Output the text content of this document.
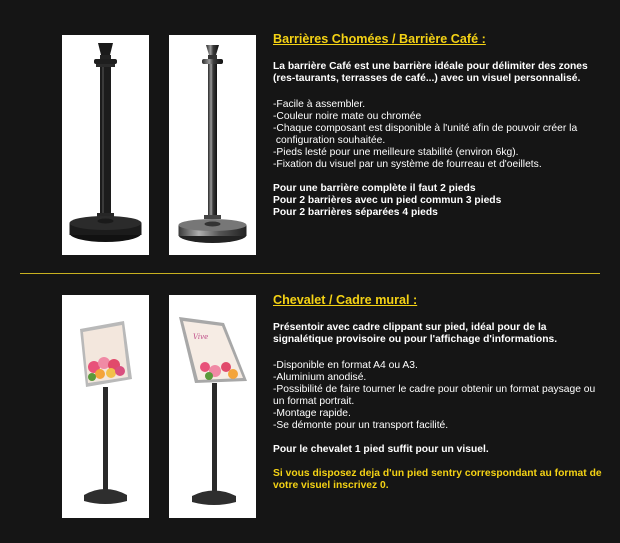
Barrières Chomées / Barrière Café :

La barrière Café est une barrière idéale pour délimiter des zones (res-taurants, terrasses de café...) avec un visuel personnalisé.

-Facile à assembler.
-Couleur noire mate ou chromée
-Chaque composant est disponible à l'unité afin de pouvoir créer la
configuration souhaitée.
-Pieds lesté pour une meilleure stabilité (environ 6kg).
-Fixation du visuel par un système de fourreau et d'oeillets.

Pour une barrière complète il faut 2 pieds

Pour 2 barrières avec un pied commun 3 pieds

Pour 2 barrières séparées 4 pieds

Vive

Chevalet / Cadre mural :

Présentoir avec cadre clippant sur pied, idéal pour de la signalétique provisoire ou pour l'affichage d'informations.

-Disponible en format A4 ou A3.
-Aluminium anodisé.
-Possibilité de faire tourner le cadre pour obtenir un format paysage ou un format portrait.
-Montage rapide.
-Se démonte pour un transport facilité.

Pour le chevalet 1 pied suffit pour un visuel.

Si vous disposez deja d'un pied sentry correspondant au format de votre visuel inscrivez 0.
